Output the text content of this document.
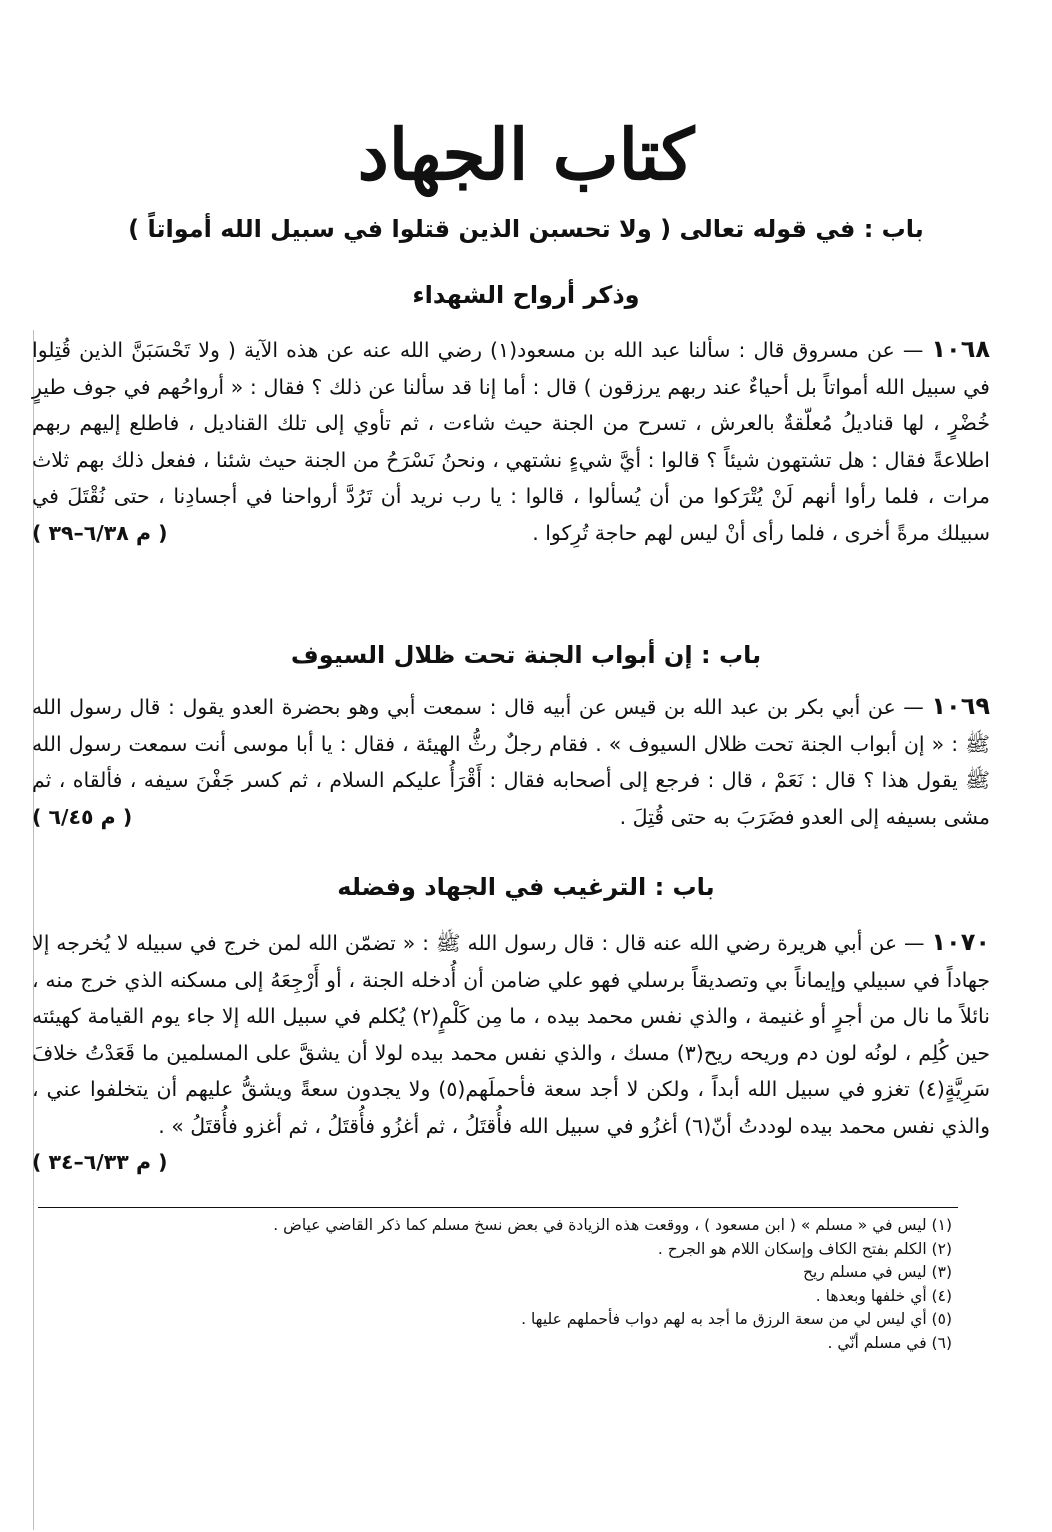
كتاب الجهاد
باب : في قوله تعالى ( ولا تحسبن الذين قتلوا في سبيل الله أمواتاً )
وذكر أرواح الشهداء
١٠٦٨ — عن مسروق قال : سألنا عبد الله بن مسعود(١) رضي الله عنه عن هذه الآية ( ولا تَحْسَبَنَّ الذين قُتِلوا في سبيل الله أمواتاً بل أحياءٌ عند ربهم يرزقون ) قال : أما إنا قد سألنا عن ذلك ؟ فقال : « أرواحُهم في جوف طيرٍ خُضْرٍ ، لها قناديلُ مُعلّقةٌ بالعرش ، تسرح من الجنة حيث شاءت ، ثم تأوي إلى تلك القناديل ، فاطلع إليهم ربهم اطلاعةً فقال : هل تشتهون شيئاً ؟ قالوا : أيَّ شيءٍ نشتهي ، ونحنُ نَسْرَحُ من الجنة حيث شئنا ، ففعل ذلك بهم ثلاث مرات ، فلما رأوا أنهم لَنْ يُتْرَكوا من أن يُسألوا ، قالوا : يا رب نريد أن تَرُدَّ أرواحنا في أجسادِنا ، حتى نُقْتَلَ في سبيلك مرةً أخرى ، فلما رأى أنْ ليس لهم حاجة تُرِكوا .
( م ٦/٣٨–٣٩ )
باب : إن أبواب الجنة تحت ظلال السيوف
١٠٦٩ — عن أبي بكر بن عبد الله بن قيس عن أبيه قال : سمعت أبي وهو بحضرة العدو يقول : قال رسول الله ﷺ : « إن أبواب الجنة تحت ظلال السيوف » . فقام رجلٌ رثُّ الهيئة ، فقال : يا أبا موسى أنت سمعت رسول الله ﷺ يقول هذا ؟ قال : نَعَمْ ، قال : فرجع إلى أصحابه فقال : أَقْرَأُ عليكم السلام ، ثم كسر جَفْنَ سيفه ، فألقاه ، ثم مشى بسيفه إلى العدو فضَرَبَ به حتى قُتِلَ .
( م ٦/٤٥ )
باب : الترغيب في الجهاد وفضله
١٠٧٠ — عن أبي هريرة رضي الله عنه قال : قال رسول الله ﷺ : « تضمّن الله لمن خرج في سبيله لا يُخرجه إلا جهاداً في سبيلي وإيماناً بي وتصديقاً برسلي فهو علي ضامن أن أُدخله الجنة ، أو أَرْجِعَهُ إلى مسكنه الذي خرج منه ، نائلاً ما نال من أجرٍ أو غنيمة ، والذي نفس محمد بيده ، ما مِن كَلْمٍ(٢) يُكلم في سبيل الله إلا جاء يوم القيامة كهيئته حين كُلِم ، لونُه لون دم وريحه ريح(٣) مسك ، والذي نفس محمد بيده لولا أن يشقَّ على المسلمين ما قَعَدْتُ خلافَ سَرِيَّةٍ(٤) تغزو في سبيل الله أبداً ، ولكن لا أجد سعة فأحملَهم(٥) ولا يجدون سعةً ويشقُّ عليهم أن يتخلفوا عني ، والذي نفس محمد بيده لوددتُ أنّ(٦) أغزُو في سبيل الله فأُقتَلُ ، ثم أغزُو فأُقتَلُ ، ثم أغزو فأُقتَلُ » .
( م ٦/٣٣–٣٤ )
(١) ليس في « مسلم » ( ابن مسعود ) ، ووقعت هذه الزيادة في بعض نسخ مسلم كما ذكر القاضي عياض .
(٢) الكلم بفتح الكاف وإسكان اللام هو الجرح .
(٣) ليس في مسلم ريح
(٤) أي خلفها وبعدها .
(٥) أي ليس لي من سعة الرزق ما أجد به لهم دواب فأحملهم عليها .
(٦) في مسلم أنّي .
